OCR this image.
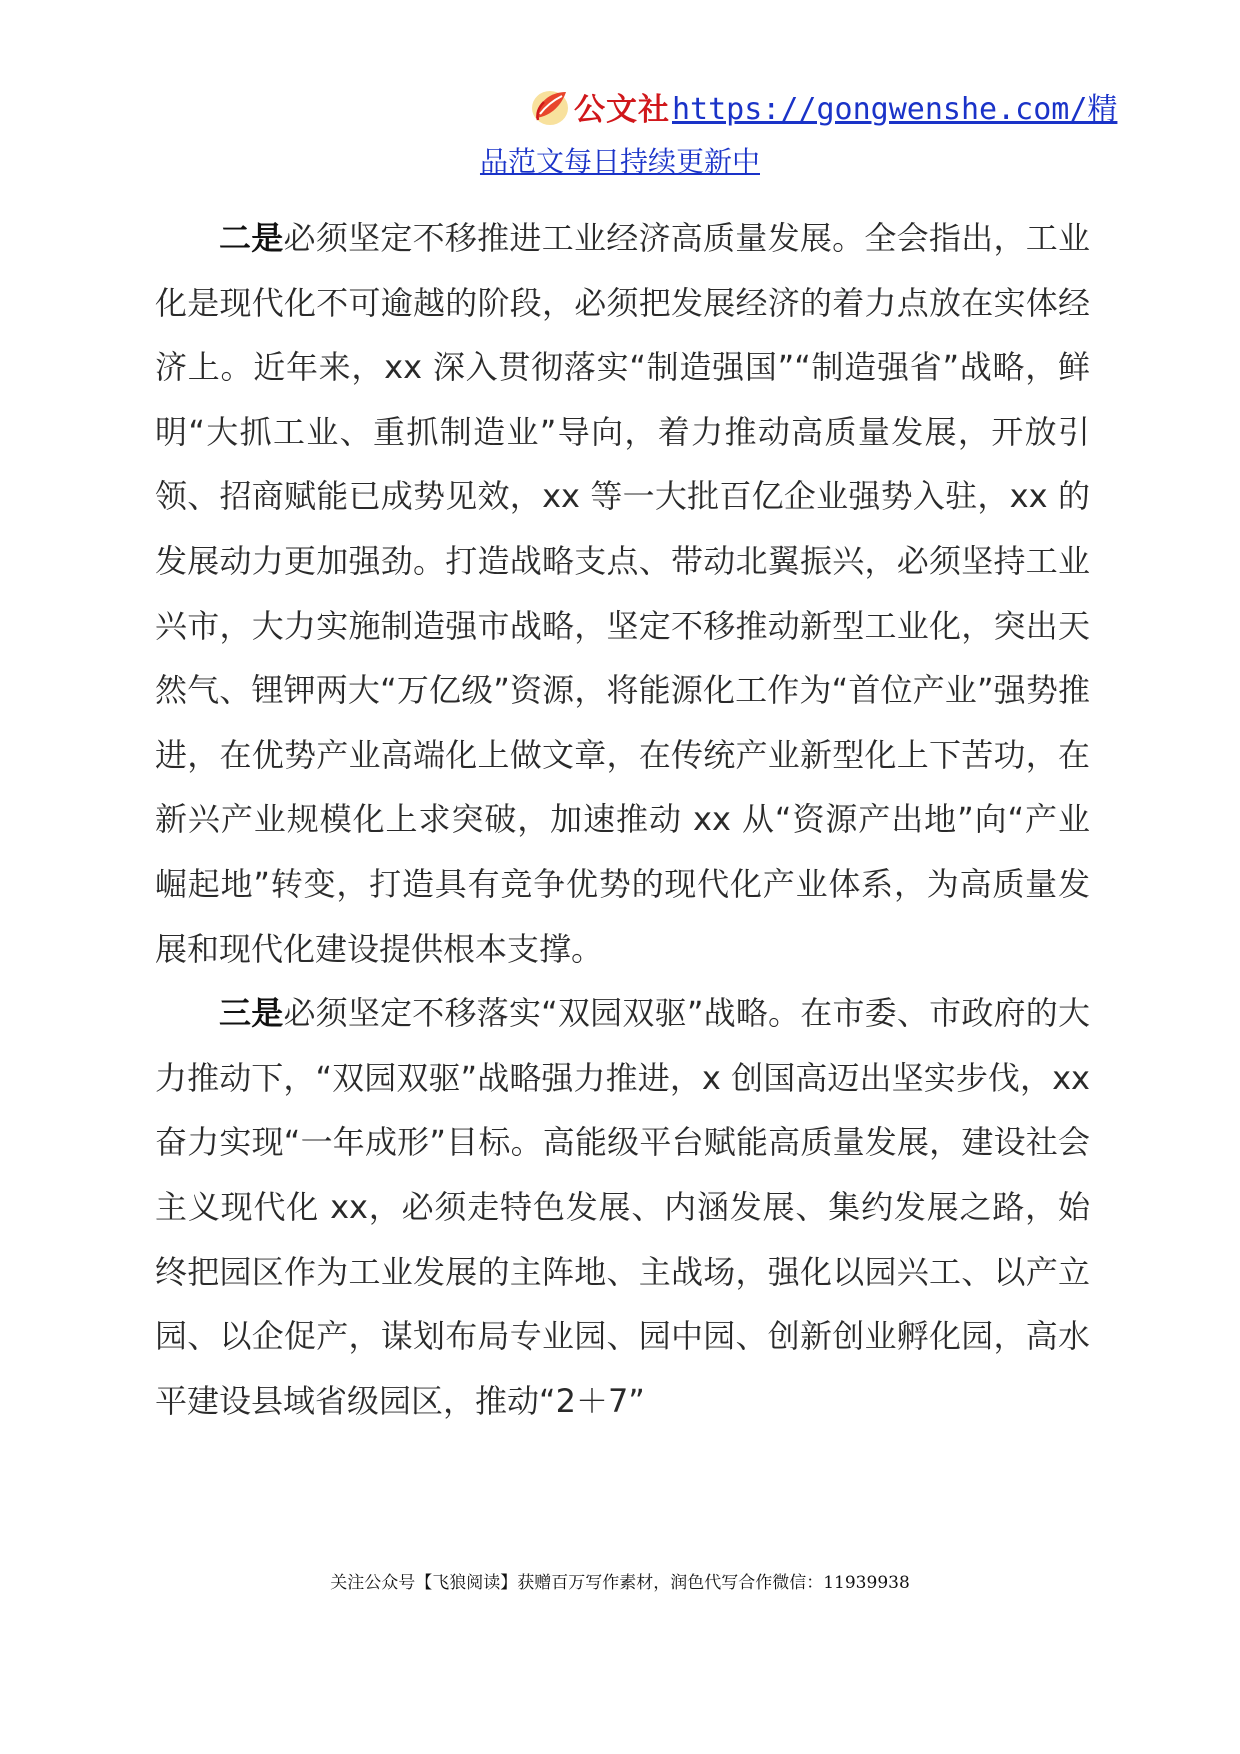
公文社 https://gongwenshe.com/精
品范文每日持续更新中

二是必须坚定不移推进工业经济高质量发展。全会指出，工业化是现代化不可逾越的阶段，必须把发展经济的着力点放在实体经济上。近年来，xx 深入贯彻落实“制造强国”“制造强省”战略，鲜明“大抓工业、重抓制造业”导向，着力推动高质量发展，开放引领、招商赋能已成势见效，xx 等一大批百亿企业强势入驻，xx 的发展动力更加强劲。打造战略支点、带动北翼振兴，必须坚持工业兴市，大力实施制造强市战略，坚定不移推动新型工业化，突出天然气、锂钾两大“万亿级”资源，将能源化工作为“首位产业”强势推进，在优势产业高端化上做文章，在传统产业新型化上下苦功，在新兴产业规模化上求突破，加速推动 xx 从“资源产出地”向“产业崛起地”转变，打造具有竞争优势的现代化产业体系，为高质量发展和现代化建设提供根本支撑。

三是必须坚定不移落实“双园双驱”战略。在市委、市政府的大力推动下，“双园双驱”战略强力推进，x 创国高迈出坚实步伐，xx 奋力实现“一年成形”目标。高能级平台赋能高质量发展，建设社会主义现代化 xx，必须走特色发展、内涵发展、集约发展之路，始终把园区作为工业发展的主阵地、主战场，强化以园兴工、以产立园、以企促产，谋划布局专业园、园中园、创新创业孵化园，高水平建设县域省级园区，推动“2＋7”

关注公众号【飞狼阅读】获赠百万写作素材，润色代写合作微信：11939938
